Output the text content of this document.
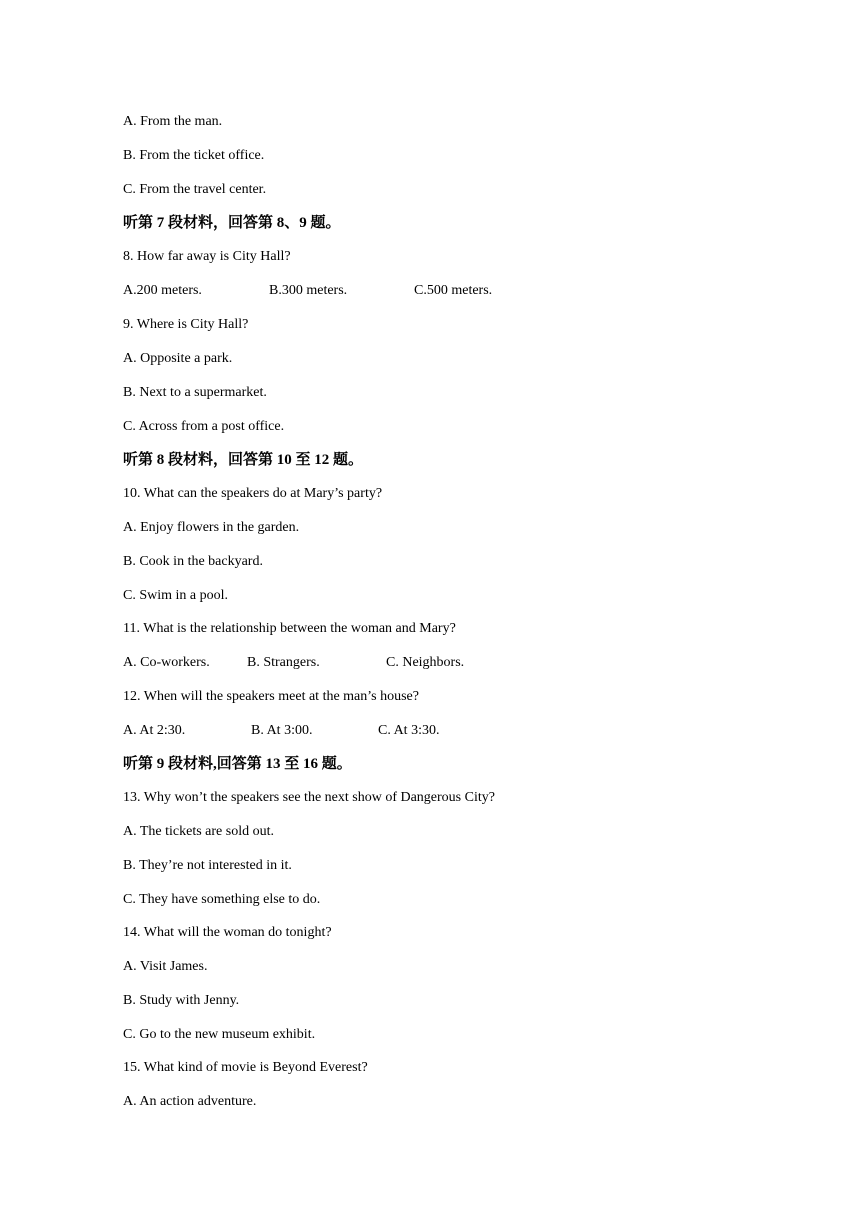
A. From the man.
B. From the ticket office.
C. From the travel center.
听第 7 段材料，回答第 8、9 题。
8. How far away is City Hall?
A.200 meters.	B.300 meters.	C.500 meters.
9. Where is City Hall?
A. Opposite a park.
B. Next to a supermarket.
C. Across from a post office.
听第 8 段材料，回答第 10 至 12 题。
10. What can the speakers do at Mary’s party?
A. Enjoy flowers in the garden.
B. Cook in the backyard.
C. Swim in a pool.
11. What is the relationship between the woman and Mary?
A. Co-workers.	B. Strangers.	C. Neighbors.
12. When will the speakers meet at the man’s house?
A. At 2:30.	B. At 3:00.	C. At 3:30.
听第 9 段材料,回答第 13 至 16 题。
13. Why won’t the speakers see the next show of Dangerous City?
A. The tickets are sold out.
B. They’re not interested in it.
C. They have something else to do.
14. What will the woman do tonight?
A. Visit James.
B. Study with Jenny.
C. Go to the new museum exhibit.
15. What kind of movie is Beyond Everest?
A. An action adventure.
